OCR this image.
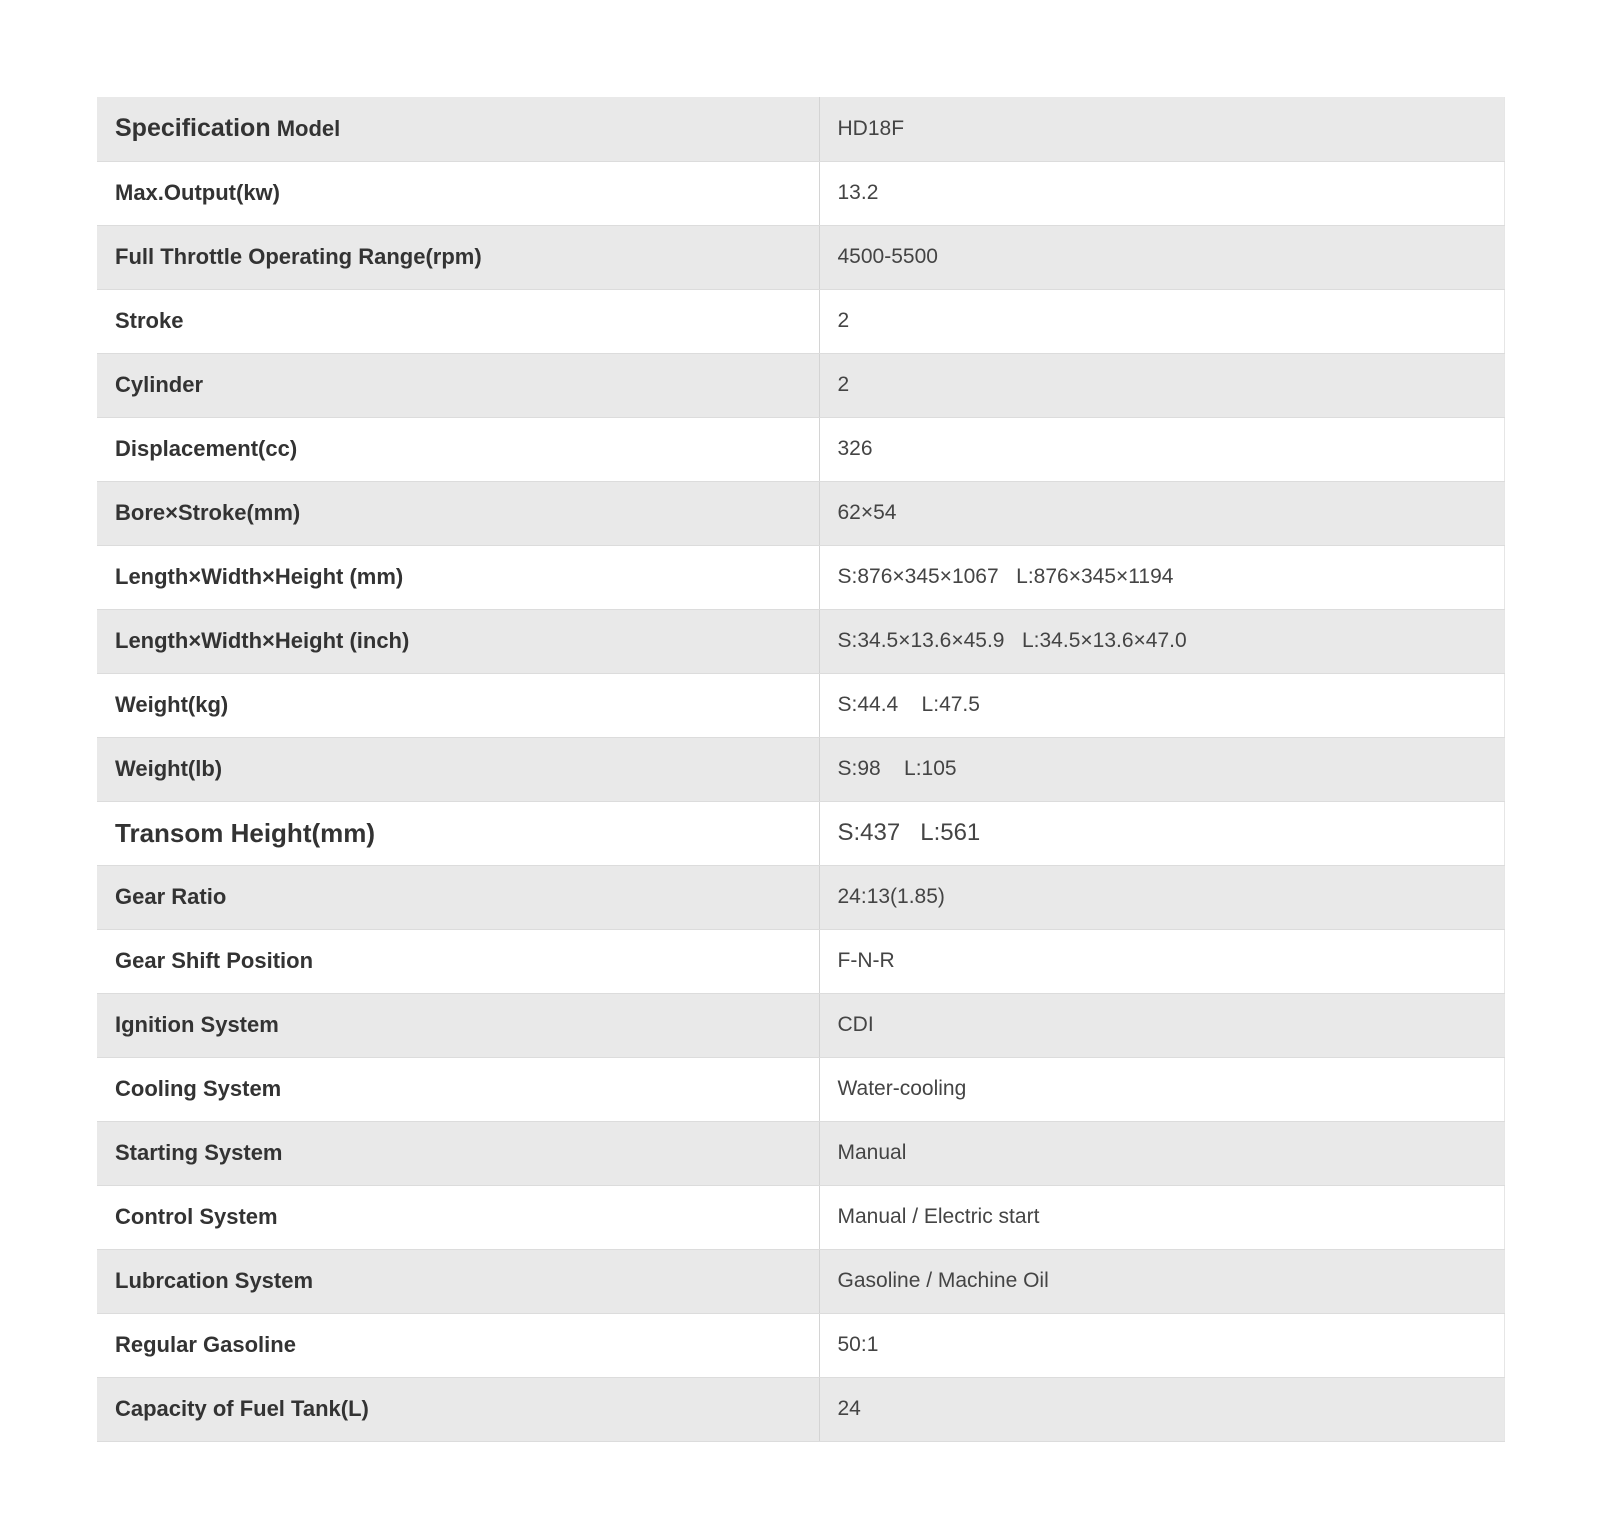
Specification Model	HD18F
Max.Output(kw)	13.2
Full Throttle Operating Range(rpm)	4500-5500
Stroke	2
Cylinder	2
Displacement(cc)	326
Bore×Stroke(mm)	62×54
Length×Width×Height (mm)	S:876×345×1067   L:876×345×1194
Length×Width×Height (inch)	S:34.5×13.6×45.9   L:34.5×13.6×47.0
Weight(kg)	S:44.4    L:47.5
Weight(lb)	S:98    L:105
Transom Height(mm)	S:437   L:561
Gear Ratio	24:13(1.85)
Gear Shift Position	F-N-R
Ignition System	CDI
Cooling System	Water-cooling
Starting System	Manual
Control System	Manual / Electric start
Lubrcation System	Gasoline / Machine Oil
Regular Gasoline	50:1
Capacity of Fuel Tank(L)	24
